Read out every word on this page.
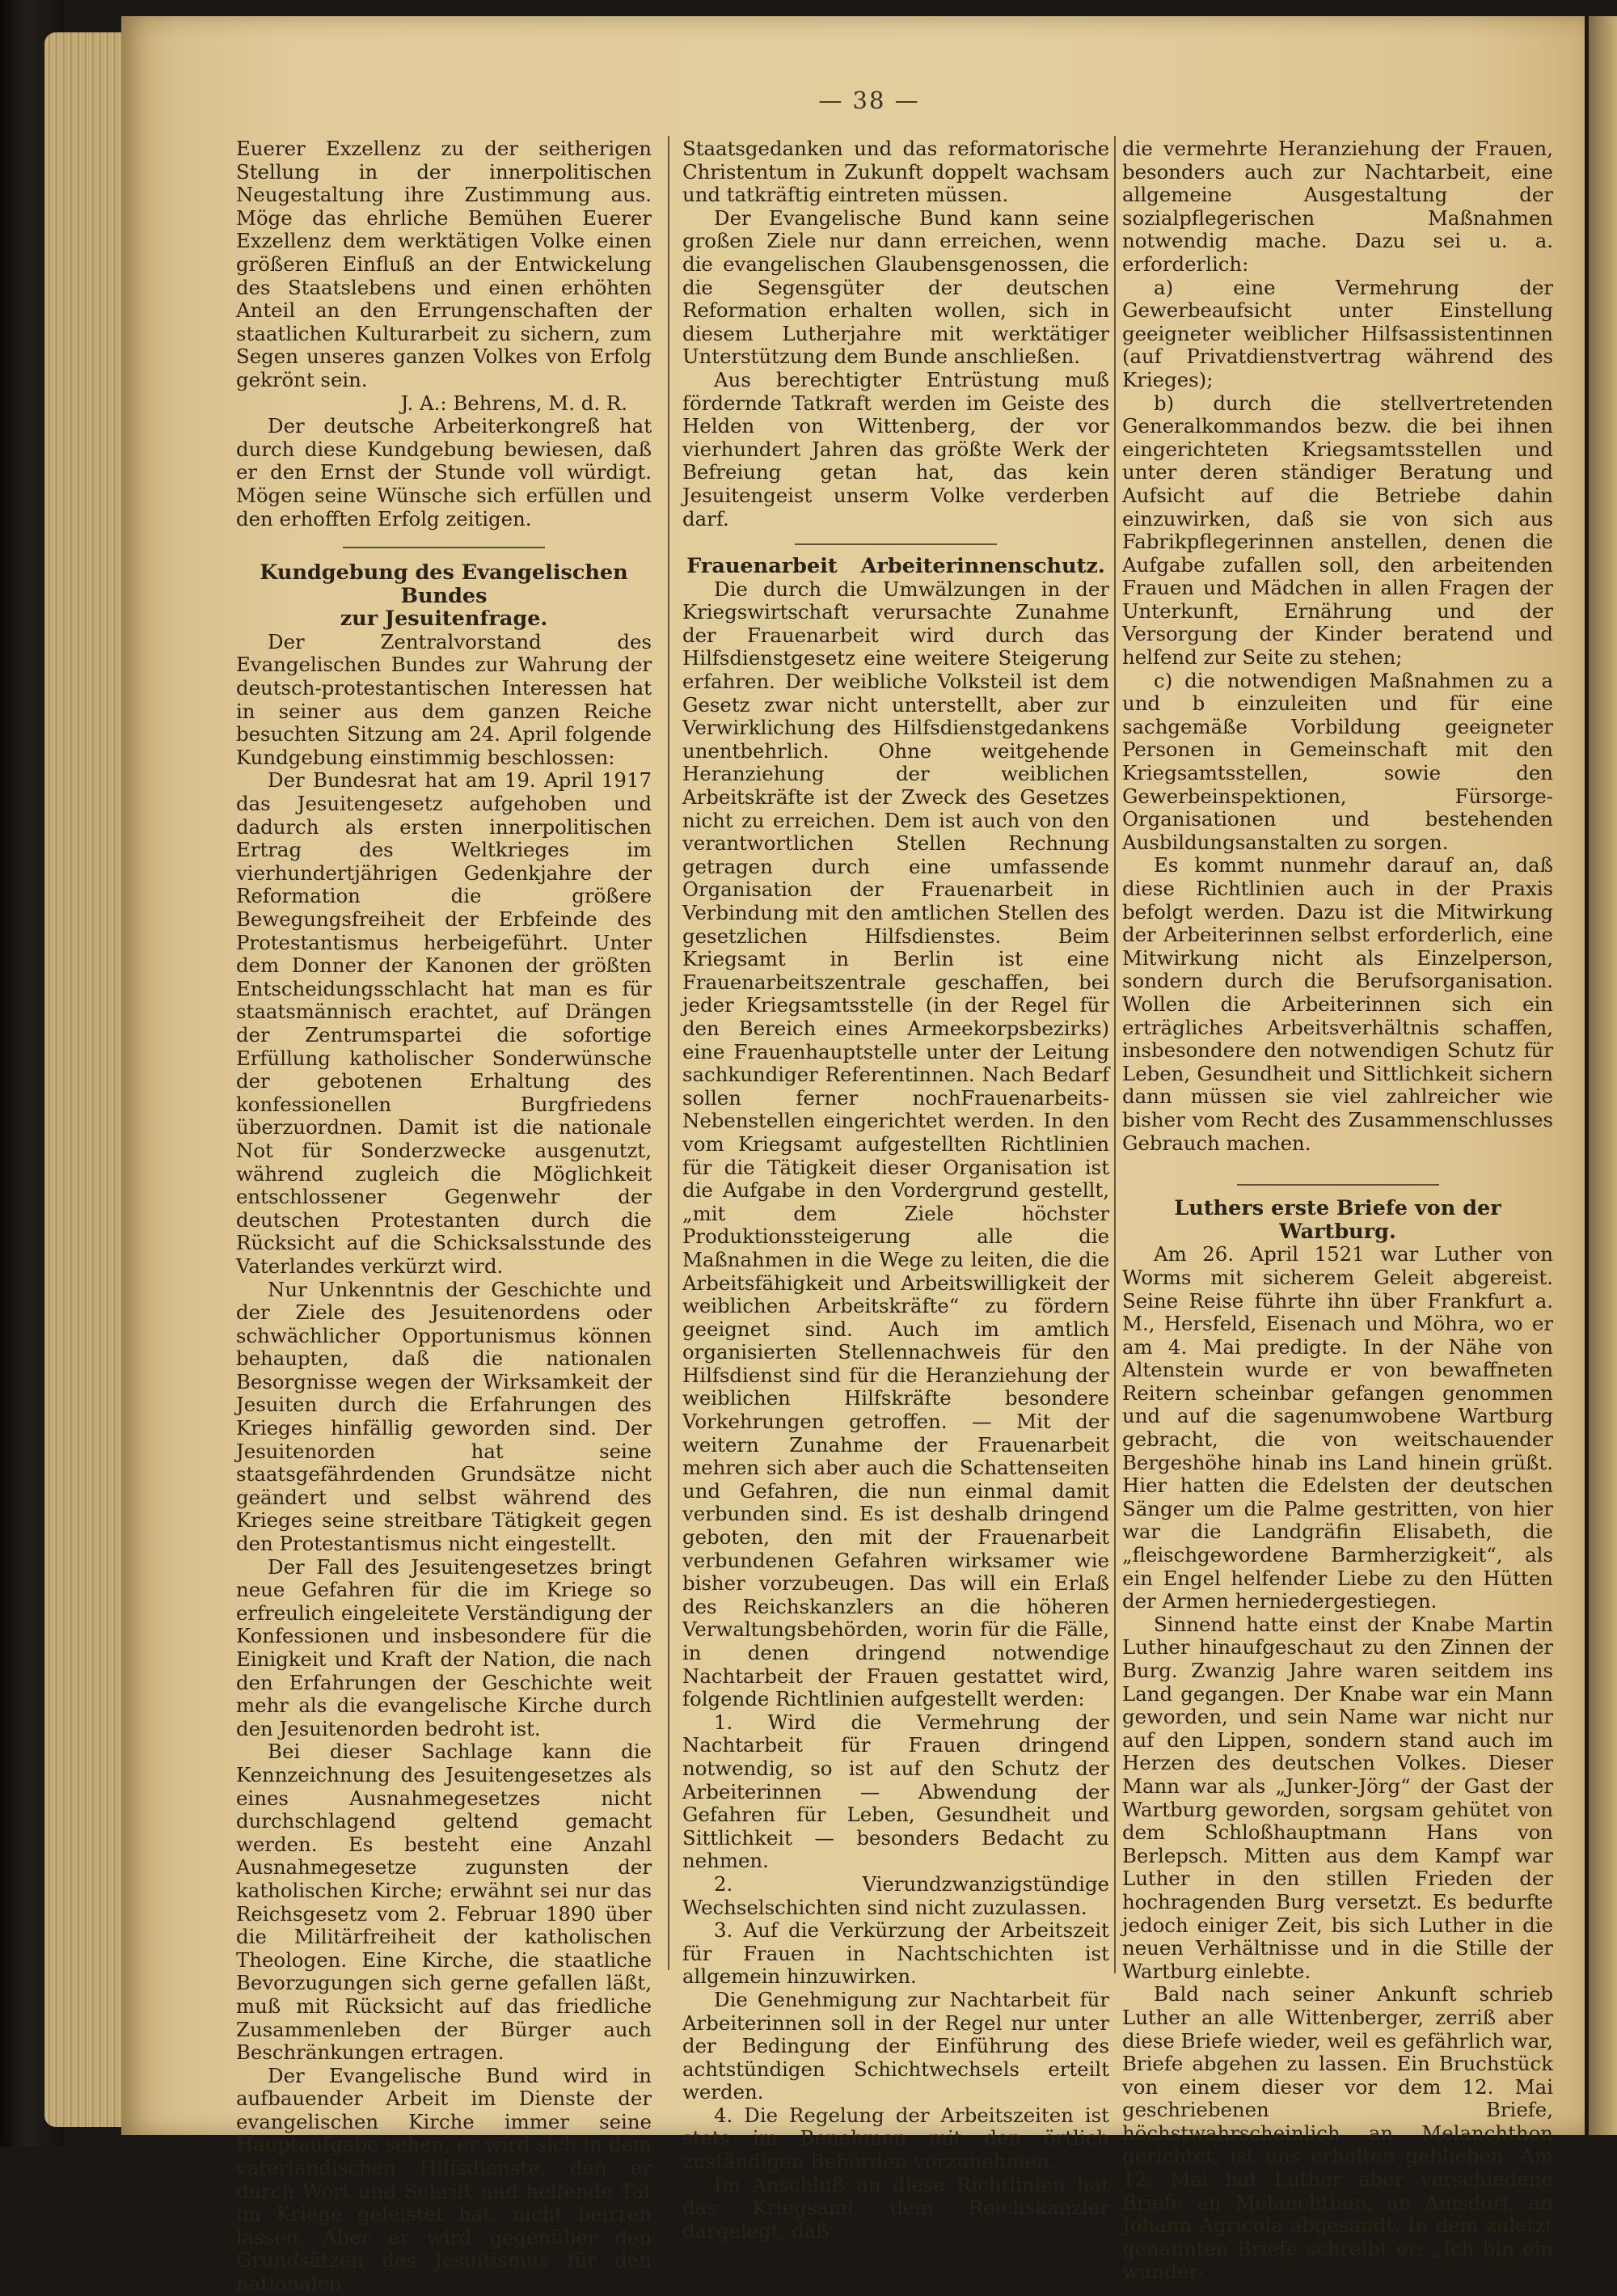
— 38 —

Euerer Exzellenz zu der seitherigen Stellung in der innerpolitischen Neugestaltung ihre Zustimmung aus. Möge das ehrliche Bemühen Euerer Exzellenz dem werktätigen Volke einen größeren Einfluß an der Entwickelung des Staatslebens und einen erhöhten Anteil an den Errungenschaften der staatlichen Kulturarbeit zu sichern, zum Segen unseres ganzen Volkes von Erfolg gekrönt sein.

J. A.: Behrens, M. d. R.

Der deutsche Arbeiterkongreß hat durch diese Kundgebung bewiesen, daß er den Ernst der Stunde voll würdigt. Mögen seine Wünsche sich erfüllen und den erhofften Erfolg zeitigen.

Kundgebung des Evangelischen Bundes
zur Jesuitenfrage.

Der Zentralvorstand des Evangelischen Bundes zur Wahrung der deutsch-protestantischen Interessen hat in seiner aus dem ganzen Reiche besuchten Sitzung am 24. April folgende Kundgebung einstimmig beschlossen:

Der Bundesrat hat am 19. April 1917 das Jesuitengesetz aufgehoben und dadurch als ersten innerpolitischen Ertrag des Weltkrieges im vierhundertjährigen Gedenkjahre der Reformation die größere Bewegungsfreiheit der Erbfeinde des Protestantismus herbeigeführt. Unter dem Donner der Kanonen der größten Entscheidungsschlacht hat man es für staatsmännisch erachtet, auf Drängen der Zentrumspartei die sofortige Erfüllung katholischer Sonderwünsche der gebotenen Erhaltung des konfessionellen Burgfriedens überzuordnen. Damit ist die nationale Not für Sonderzwecke ausgenutzt, während zugleich die Möglichkeit entschlossener Gegenwehr der deutschen Protestanten durch die Rücksicht auf die Schicksalsstunde des Vaterlandes verkürzt wird.

Nur Unkenntnis der Geschichte und der Ziele des Jesuitenordens oder schwächlicher Opportunismus können behaupten, daß die nationalen Besorgnisse wegen der Wirksamkeit der Jesuiten durch die Erfahrungen des Krieges hinfällig geworden sind. Der Jesuitenorden hat seine staatsgefährdenden Grundsätze nicht geändert und selbst während des Krieges seine streitbare Tätigkeit gegen den Protestantismus nicht eingestellt.

Der Fall des Jesuitengesetzes bringt neue Gefahren für die im Kriege so erfreulich eingeleitete Verständigung der Konfessionen und insbesondere für die Einigkeit und Kraft der Nation, die nach den Erfahrungen der Geschichte weit mehr als die evangelische Kirche durch den Jesuitenorden bedroht ist.

Bei dieser Sachlage kann die Kennzeichnung des Jesuitengesetzes als eines Ausnahmegesetzes nicht durchschlagend geltend gemacht werden. Es besteht eine Anzahl Ausnahmegesetze zugunsten der katholischen Kirche; erwähnt sei nur das Reichsgesetz vom 2. Februar 1890 über die Militärfreiheit der katholischen Theologen. Eine Kirche, die staatliche Bevorzugungen sich gerne gefallen läßt, muß mit Rücksicht auf das friedliche Zusammenleben der Bürger auch Beschränkungen ertragen.

Der Evangelische Bund wird in aufbauender Arbeit im Dienste der evangelischen Kirche immer seine Hauptaufgabe sehen, er wird sich in dem vaterländischen Hilfsdienste, den er durch Wort und Schrift und helfende Tat im Kriege geleistet hat, nicht beirren lassen. Aber er wird gegenüber den Grundsätzen des Jesuitismus für den nationalen

Staatsgedanken und das reformatorische Christentum in Zukunft doppelt wachsam und tatkräftig eintreten müssen.

Der Evangelische Bund kann seine großen Ziele nur dann erreichen, wenn die evangelischen Glaubensgenossen, die die Segensgüter der deutschen Reformation erhalten wollen, sich in diesem Lutherjahre mit werktätiger Unterstützung dem Bunde anschließen.

Aus berechtigter Entrüstung muß fördernde Tatkraft werden im Geiste des Helden von Wittenberg, der vor vierhundert Jahren das größte Werk der Befreiung getan hat, das kein Jesuitengeist unserm Volke verderben darf.

Frauenarbeit Arbeiterinnenschutz.

Die durch die Umwälzungen in der Kriegswirtschaft verursachte Zunahme der Frauenarbeit wird durch das Hilfsdienstgesetz eine weitere Steigerung erfahren. Der weibliche Volksteil ist dem Gesetz zwar nicht unterstellt, aber zur Verwirklichung des Hilfsdienstgedankens unentbehrlich. Ohne weitgehende Heranziehung der weiblichen Arbeitskräfte ist der Zweck des Gesetzes nicht zu erreichen. Dem ist auch von den verantwortlichen Stellen Rechnung getragen durch eine umfassende Organisation der Frauenarbeit in Verbindung mit den amtlichen Stellen des gesetzlichen Hilfsdienstes. Beim Kriegsamt in Berlin ist eine Frauenarbeitszentrale geschaffen, bei jeder Kriegsamtsstelle (in der Regel für den Bereich eines Armeekorpsbezirks) eine Frauenhauptstelle unter der Leitung sachkundiger Referentinnen. Nach Bedarf sollen ferner nochFrauenarbeits-Nebenstellen eingerichtet werden. In den vom Kriegsamt aufgestellten Richtlinien für die Tätigkeit dieser Organisation ist die Aufgabe in den Vordergrund gestellt, „mit dem Ziele höchster Produktionssteigerung alle die Maßnahmen in die Wege zu leiten, die die Arbeitsfähigkeit und Arbeitswilligkeit der weiblichen Arbeitskräfte“ zu fördern geeignet sind. Auch im amtlich organisierten Stellennachweis für den Hilfsdienst sind für die Heranziehung der weiblichen Hilfskräfte besondere Vorkehrungen getroffen. — Mit der weitern Zunahme der Frauenarbeit mehren sich aber auch die Schattenseiten und Gefahren, die nun einmal damit verbunden sind. Es ist deshalb dringend geboten, den mit der Frauenarbeit verbundenen Gefahren wirksamer wie bisher vorzubeugen. Das will ein Erlaß des Reichskanzlers an die höheren Verwaltungsbehörden, worin für die Fälle, in denen dringend notwendige Nachtarbeit der Frauen gestattet wird, folgende Richtlinien aufgestellt werden:

1. Wird die Vermehrung der Nachtarbeit für Frauen dringend notwendig, so ist auf den Schutz der Arbeiterinnen — Abwendung der Gefahren für Leben, Gesundheit und Sittlichkeit — besonders Bedacht zu nehmen.

2. Vierundzwanzigstündige Wechselschichten sind nicht zuzulassen.

3. Auf die Verkürzung der Arbeitszeit für Frauen in Nachtschichten ist allgemein hinzuwirken.

Die Genehmigung zur Nachtarbeit für Arbeiterinnen soll in der Regel nur unter der Bedingung der Einführung des achtstündigen Schichtwechsels erteilt werden.

4. Die Regelung der Arbeitszeiten ist stets im Benehmen mit den örtlich zuständigen Behörden vorzunehmen.

Im Anschluß an diese Richtlinien hat das Kriegsamt dem Reichskanzler dargelegt, daß

die vermehrte Heranziehung der Frauen, besonders auch zur Nachtarbeit, eine allgemeine Ausgestaltung der sozialpflegerischen Maßnahmen notwendig mache. Dazu sei u. a. erforderlich:

a) eine Vermehrung der Gewerbeaufsicht unter Einstellung geeigneter weiblicher Hilfsassistentinnen (auf Privatdienstvertrag während des Krieges);

b) durch die stellvertretenden Generalkommandos bezw. die bei ihnen eingerichteten Kriegsamtsstellen und unter deren ständiger Beratung und Aufsicht auf die Betriebe dahin einzuwirken, daß sie von sich aus Fabrikpflegerinnen anstellen, denen die Aufgabe zufallen soll, den arbeitenden Frauen und Mädchen in allen Fragen der Unterkunft, Ernährung und der Versorgung der Kinder beratend und helfend zur Seite zu stehen;

c) die notwendigen Maßnahmen zu a und b einzuleiten und für eine sachgemäße Vorbildung geeigneter Personen in Gemeinschaft mit den Kriegsamtsstellen, sowie den Gewerbeinspektionen, Fürsorge-Organisationen und bestehenden Ausbildungsanstalten zu sorgen.

Es kommt nunmehr darauf an, daß diese Richtlinien auch in der Praxis befolgt werden. Dazu ist die Mitwirkung der Arbeiterinnen selbst erforderlich, eine Mitwirkung nicht als Einzelperson, sondern durch die Berufsorganisation. Wollen die Arbeiterinnen sich ein erträgliches Arbeitsverhältnis schaffen, insbesondere den notwendigen Schutz für Leben, Gesundheit und Sittlichkeit sichern dann müssen sie viel zahlreicher wie bisher vom Recht des Zusammenschlusses Gebrauch machen.

Luthers erste Briefe von der Wartburg.

Am 26. April 1521 war Luther von Worms mit sicherem Geleit abgereist. Seine Reise führte ihn über Frankfurt a. M., Hersfeld, Eisenach und Möhra, wo er am 4. Mai predigte. In der Nähe von Altenstein wurde er von bewaffneten Reitern scheinbar gefangen genommen und auf die sagenumwobene Wartburg gebracht, die von weitschauender Bergeshöhe hinab ins Land hinein grüßt. Hier hatten die Edelsten der deutschen Sänger um die Palme gestritten, von hier war die Landgräfin Elisabeth, die „fleischgewordene Barmherzigkeit“, als ein Engel helfender Liebe zu den Hütten der Armen herniedergestiegen.

Sinnend hatte einst der Knabe Martin Luther hinaufgeschaut zu den Zinnen der Burg. Zwanzig Jahre waren seitdem ins Land gegangen. Der Knabe war ein Mann geworden, und sein Name war nicht nur auf den Lippen, sondern stand auch im Herzen des deutschen Volkes. Dieser Mann war als „Junker-Jörg“ der Gast der Wartburg geworden, sorgsam gehütet von dem Schloßhauptmann Hans von Berlepsch. Mitten aus dem Kampf war Luther in den stillen Frieden der hochragenden Burg versetzt. Es bedurfte jedoch einiger Zeit, bis sich Luther in die neuen Verhältnisse und in die Stille der Wartburg einlebte.

Bald nach seiner Ankunft schrieb Luther an alle Wittenberger, zerriß aber diese Briefe wieder, weil es gefährlich war, Briefe abgehen zu lassen. Ein Bruchstück von einem dieser vor dem 12. Mai geschriebenen Briefe, höchstwahrscheinlich an Melanchthon gerichtet, ist uns erhalten geblieben. Am 12. Mai hat Luther aber verschiedene Briefe an Melanchthon, an Amsdorf, an Johann Agricola abgesandt. In dem zuletzt genannten Briefe schreibt er: „Ich bin ein wunder-
